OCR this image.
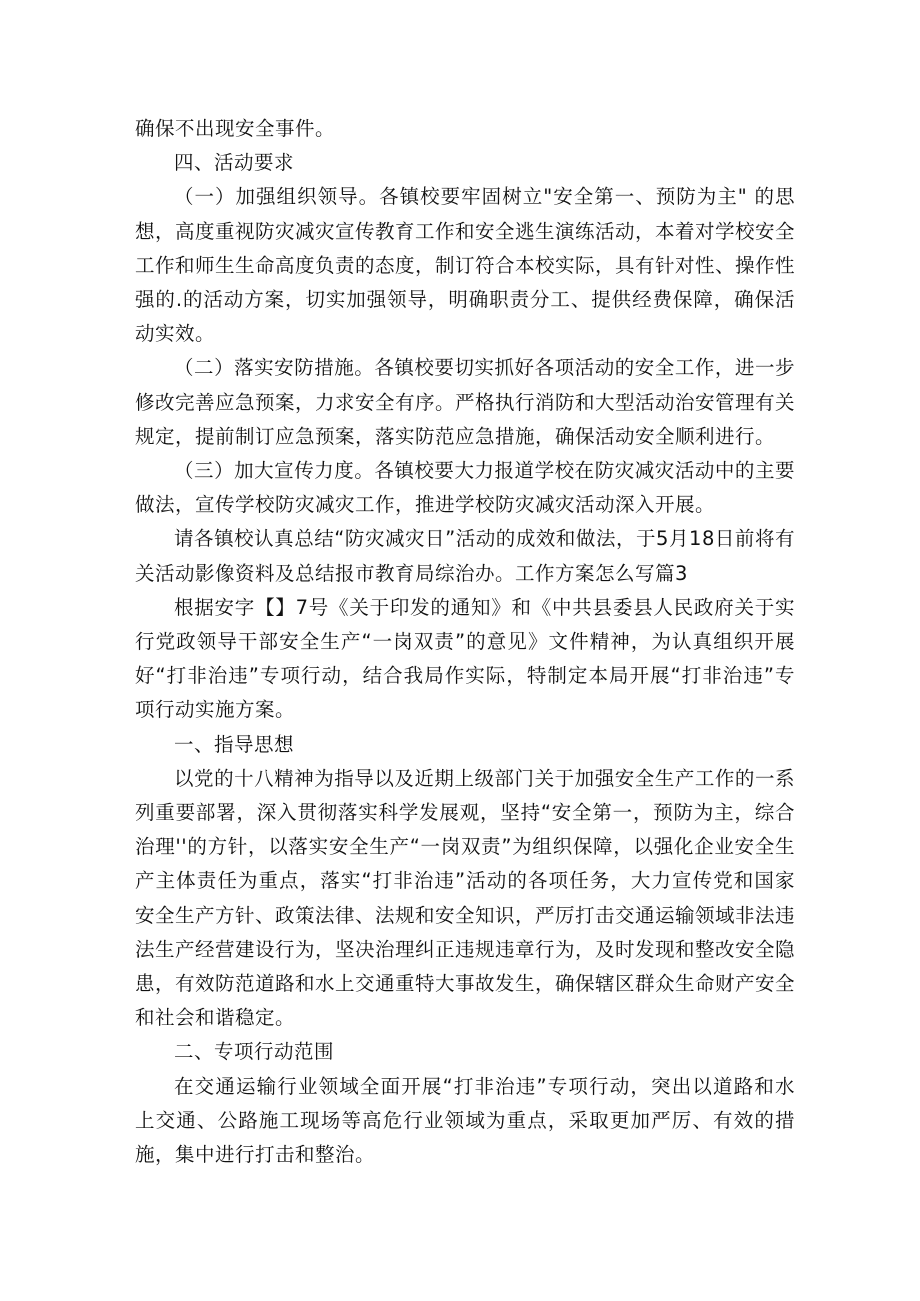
确保不出现安全事件。

四、活动要求

（一）加强组织领导。各镇校要牢固树立"安全第一、预防为主" 的思想，高度重视防灾减灾宣传教育工作和安全逃生演练活动，本着对学校安全工作和师生生命高度负责的态度，制订符合本校实际，具有针对性、操作性强的.的活动方案，切实加强领导，明确职责分工、提供经费保障，确保活动实效。

（二）落实安防措施。各镇校要切实抓好各项活动的安全工作，进一步修改完善应急预案，力求安全有序。严格执行消防和大型活动治安管理有关规定，提前制订应急预案，落实防范应急措施，确保活动安全顺利进行。

（三）加大宣传力度。各镇校要大力报道学校在防灾减灾活动中的主要做法，宣传学校防灾减灾工作，推进学校防灾减灾活动深入开展。

请各镇校认真总结“防灾减灾日”活动的成效和做法，于5月18日前将有关活动影像资料及总结报市教育局综治办。工作方案怎么写篇3

根据安字【】7号《关于印发的通知》和《中共县委县人民政府关于实行党政领导干部安全生产“一岗双责”的意见》文件精神，为认真组织开展好“打非治违”专项行动，结合我局作实际，特制定本局开展“打非治违”专项行动实施方案。

一、指导思想

以党的十八精神为指导以及近期上级部门关于加强安全生产工作的一系列重要部署，深入贯彻落实科学发展观，坚持“安全第一，预防为主，综合治理''的方针，以落实安全生产“一岗双责”为组织保障，以强化企业安全生产主体责任为重点，落实“打非治违”活动的各项任务，大力宣传党和国家安全生产方针、政策法律、法规和安全知识，严厉打击交通运输领域非法违法生产经营建设行为，坚决治理纠正违规违章行为，及时发现和整改安全隐患，有效防范道路和水上交通重特大事故发生，确保辖区群众生命财产安全和社会和谐稳定。

二、专项行动范围

在交通运输行业领域全面开展“打非治违”专项行动，突出以道路和水上交通、公路施工现场等高危行业领域为重点，采取更加严厉、有效的措施，集中进行打击和整治。
